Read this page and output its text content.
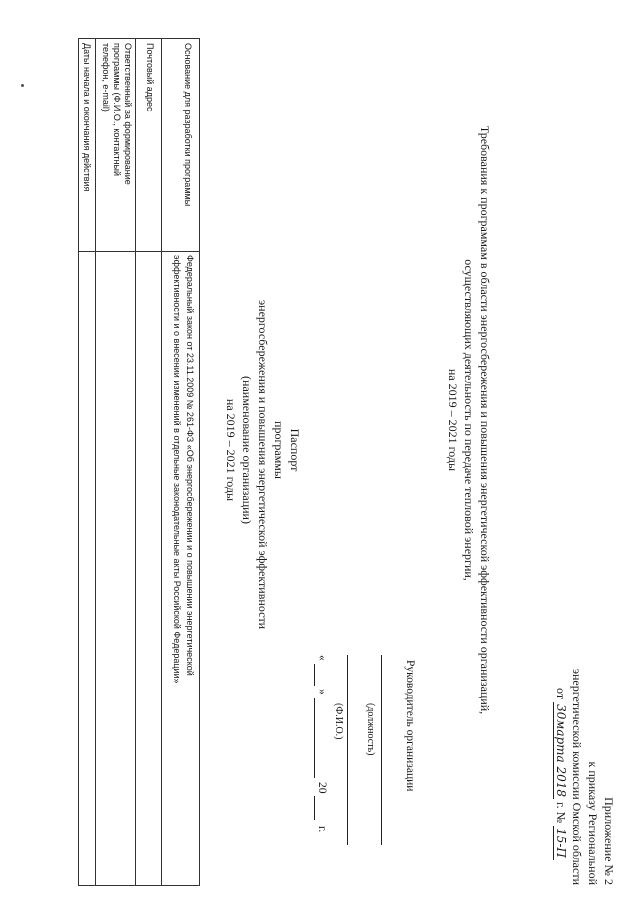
Приложение № 2
к приказу Региональной
энергетической комиссии Омской области
от 30марта 2018 г. № 15-П
Требования к программам в области энергосбережения и повышения энергетической эффективности организаций,
осуществляющих деятельность по передаче тепловой энергии,
на 2019 – 2021 годы
Руководитель организации
(должность)
(Ф.И.О.)
«
»
20
г.
Паспорт
программы
энергосбережения и повышения энергетической эффективности
(наименование организации)
на 2019 – 2021 годы
Основание для разработки программы
Федеральный закон от 23.11.2009 № 261-ФЗ «Об энергосбережении и о повышении энергетической
эффективности и о внесении изменений в отдельные законодательные акты Российской Федерации»
Почтовый адрес
Ответственный за формирование
программы (Ф.И.О., контактный
телефон, e-mail)
Даты начала и окончания действия
